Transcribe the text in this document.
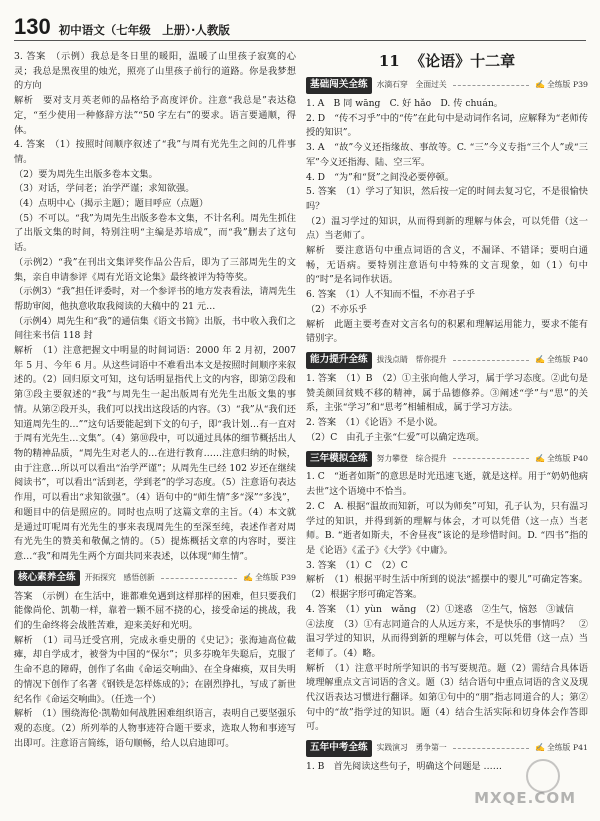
130 初中语文（七年级　上册）·人教版

3. 答案　（示例）我总是冬日里的暖阳，温暖了山里孩子寂寞的心灵；我总是黑夜里的烛光，照亮了山里孩子前行的道路。你是我梦想的方向

解析　要对支月英老师的品格给予高度评价。注意“我总是”表达稳定，“至少使用一种修辞方法”“50 字左右”的要求。语言要通顺，得体。

4. 答案　（1）按照时间顺序叙述了“我”与周有光先生之间的几件事情。

（2）要为周先生出版多卷本文集。

（3）对话，学问老；治学严谨；求知欲强。

（4）点明中心（揭示主题）；题目呼应（点题）

（5）不可以。“我”为周先生出版多卷本文集，不计名利。周先生抓住了出版文集的时间，特别注明“主编是苏培成”，而“我”删去了这句话。

（示例2）“我”在刊出文集评奖作品公告后，即为了三部周先生的文集，亲自申请参评《周有光语文论集》最终被评为特等奖。

（示例3）“我”担任评委时，对一个参评书的地方发表看法，请周先生帮助审阅，他执意收取我阅读的大稿中的 21 元…

（示例4）周先生和“我”的通信集《语文书简》出版，书中收入我们之间往来书信 118 封

解析　（1）注意把握文中明显的时间词语：2000 年 2 月初，2007 年 5 月、今年 6 月。从这些词语中不难看出本文是按照时间顺序来叙述的。（2）回归原文可知，这句话明显指代上文的内容，即第②段和第③段主要叙述的“我”与周先生一起出版周有光先生出版文集的事情。从第②段开头，我们可以找出这段话的内容。（3）“我”从“我们还知道周先生的…””这句话要能起到下文的句子，即“我计划…有一直对于周有光先生…文集”。（4）第⑩段中，可以通过具体的细节概括出人物的精神品质，“周先生对老人的…在进行教育……注意归纳的时候，由于注意…所以可以看出“治学严谨”；从周先生已经 102 岁还在继续阅读书”，可以看出“活到老，学到老”的学习态度。（5）注意语句表达作用，可以看出“求知欲强”。（4）语句中的“师生情”多“深”“多浅”，和题目中的信是照应的。同时也点明了这篇文章的主旨。（4）本文就是通过叮呢周有光先生的事来表现周先生的至深至纯，表述作者对周有光先生的赞美和敬佩之情的。（5）提炼概括文章的内容时，要注意…“我”和周先生两个方面共同来表述，以体现“师生情”。

核心素养全练	开拓探究　感悟创新	✍ 全练版 P39

答案　（示例）在生活中，谁都难免遇到这样那样的困难，但只要我们能像尚伦、凯勒一样，靠着一颗不屈不挠的心，接受命运的挑战，我们的生命终将会战胜苦难，迎来美好和光明。

解析　（1）司马迁受宫刑，完成永垂史册的《史记》；张海迪高位截瘫，却自学成才，被誉为中国的“保尔”；贝多芬晚年失聪后，克服了生命不息的障碍，创作了名曲《命运交响曲》、在全身瘫痪，双目失明的情况下创作了名著《钢铁是怎样炼成的》；在剧烈挣扎，写成了新世纪名作《命运交响曲》。（任选一个）

解析　（1）围绕海伦·凯勒如何战胜困难组织语言，表明自己要坚强乐观的态度。（2）所列举的人物事迹符合题干要求，选取人物和事迹写出即可。注意语言简练，语句顺畅，给人以启迪即可。

11 《论语》十二章
基础闯关全练	水滴石穿　全面过关	✍ 全练版 P39

1. A　B 同 wāng　C. 好 hǎo　D. 传 chuán。

2. D　“传不习乎”中的“传”在此句中是动词作名词，应解释为“老师传授的知识”。

3. A　“故”今义还指缘故、事故等。C. “三”今义专指“三个人”或“三军”今义还指海、陆、空三军。

4. D　“为”和“贤”之间没必要停顿。

5. 答案　（1）学习了知识，然后按一定的时间去复习它，不是很愉快吗？

（2）温习学过的知识，从而得到新的理解与体会，可以凭借（这一点）当老师了。

解析　要注意语句中重点词语的含义，不漏译、不错译；要明白通畅，无语病。要特别注意语句中特殊的文言现象，如（1）句中的“时”是名词作状语。

6. 答案　（1）人不知而不愠，不亦君子乎

（2）不亦乐乎

解析　此题主要考查对文言名句的积累和理解运用能力，要求不能有错别字。

能力提升全练	拔浅点睛　帮你提升	✍ 全练版 P40

1. 答案　（1）B　（2）①主张向他人学习，属于学习态度。②此句是赞美颜回贫贱不移的精神，属于品德修养。③阐述“学”与“思”的关系，主张“学习”和“思考”相辅相成，属于学习方法。

2. 答案　（1）《论语》不是小说。

（2）C　由孔子主张“仁爱”可以确定选项。

三年模拟全练	努力攀登　综合提升	✍ 全练版 P40

1. C　“逝者如斯”的意思是时光迅速飞逝，就是这样。用于“奶奶他病去世”这个语境中不恰当。

2. C　A. 根据“温故而知新，可以为师矣”可知，孔子认为，只有温习学过的知识，并得到新的理解与体会，才可以凭借（这一点）当老师。B. “逝者如斯夫，不舍昼夜”该论的是珍惜时间。D. “四书”指的是《论语》《孟子》《大学》《中庸》。

3. 答案　（1）C　（2）C

解析　（1）根据平时生活中所到的说法“摇摆中的婴儿”可确定答案。（2）根据字形可确定答案。

4. 答案　（1）yùn　wǎng　（2）①迷惑　②生气，恼怒　③诚信

④法度　（3）①有志同道合的人从远方来，不是快乐的事情吗？　②温习学过的知识，从而得到新的理解与体会，可以凭借（这一点）当老师了。（4）略。

解析　（1）注意平时所学知识的书写要规范。题（2）需结合具体语境理解重点文言词语的含义。题（3）结合语句中重点词语的含义及现代汉语表达习惯进行翻译。如第①句中的“朋”指志同道合的人；第②句中的“故”指学过的知识。题（4）结合生活实际和切身体会作答即可。

五年中考全练	实践演习　勇争第一	✍ 全练版 P41

1. B　首先阅读这些句子，明确这个问题是 ……

MXQE.COM
